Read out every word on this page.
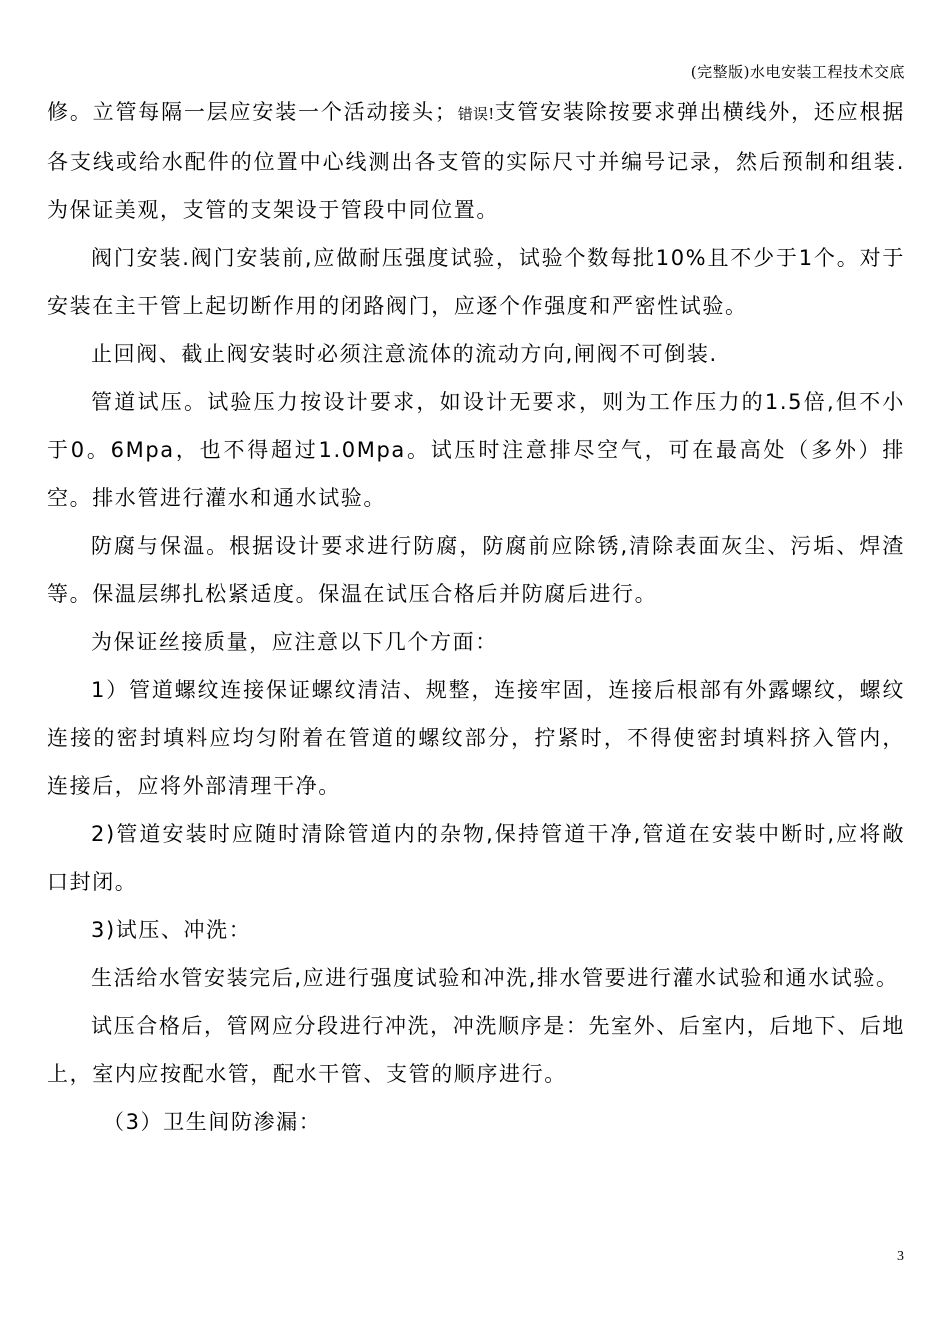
(完整版)水电安装工程技术交底

修。立管每隔一层应安装一个活动接头；错误!支管安装除按要求弹出横线外，还应根据各支线或给水配件的位置中心线测出各支管的实际尺寸并编号记录，然后预制和组装.为保证美观，支管的支架设于管段中同位置。

阀门安装.阀门安装前,应做耐压强度试验，试验个数每批10%且不少于1个。对于安装在主干管上起切断作用的闭路阀门，应逐个作强度和严密性试验。

止回阀、截止阀安装时必须注意流体的流动方向,闸阀不可倒装.

管道试压。试验压力按设计要求，如设计无要求，则为工作压力的1.5倍,但不小于0。6Mpa，也不得超过1.0Mpa。试压时注意排尽空气，可在最高处（多外）排空。排水管进行灌水和通水试验。

防腐与保温。根据设计要求进行防腐，防腐前应除锈,清除表面灰尘、污垢、焊渣等。保温层绑扎松紧适度。保温在试压合格后并防腐后进行。

为保证丝接质量，应注意以下几个方面：

1）管道螺纹连接保证螺纹清洁、规整，连接牢固，连接后根部有外露螺纹，螺纹连接的密封填料应均匀附着在管道的螺纹部分，拧紧时，不得使密封填料挤入管内，连接后，应将外部清理干净。

2)管道安装时应随时清除管道内的杂物,保持管道干净,管道在安装中断时,应将敞口封闭。

3)试压、冲洗：

生活给水管安装完后,应进行强度试验和冲洗,排水管要进行灌水试验和通水试验。

试压合格后，管网应分段进行冲洗，冲洗顺序是：先室外、后室内，后地下、后地上，室内应按配水管，配水干管、支管的顺序进行。

（3）卫生间防渗漏：

3
